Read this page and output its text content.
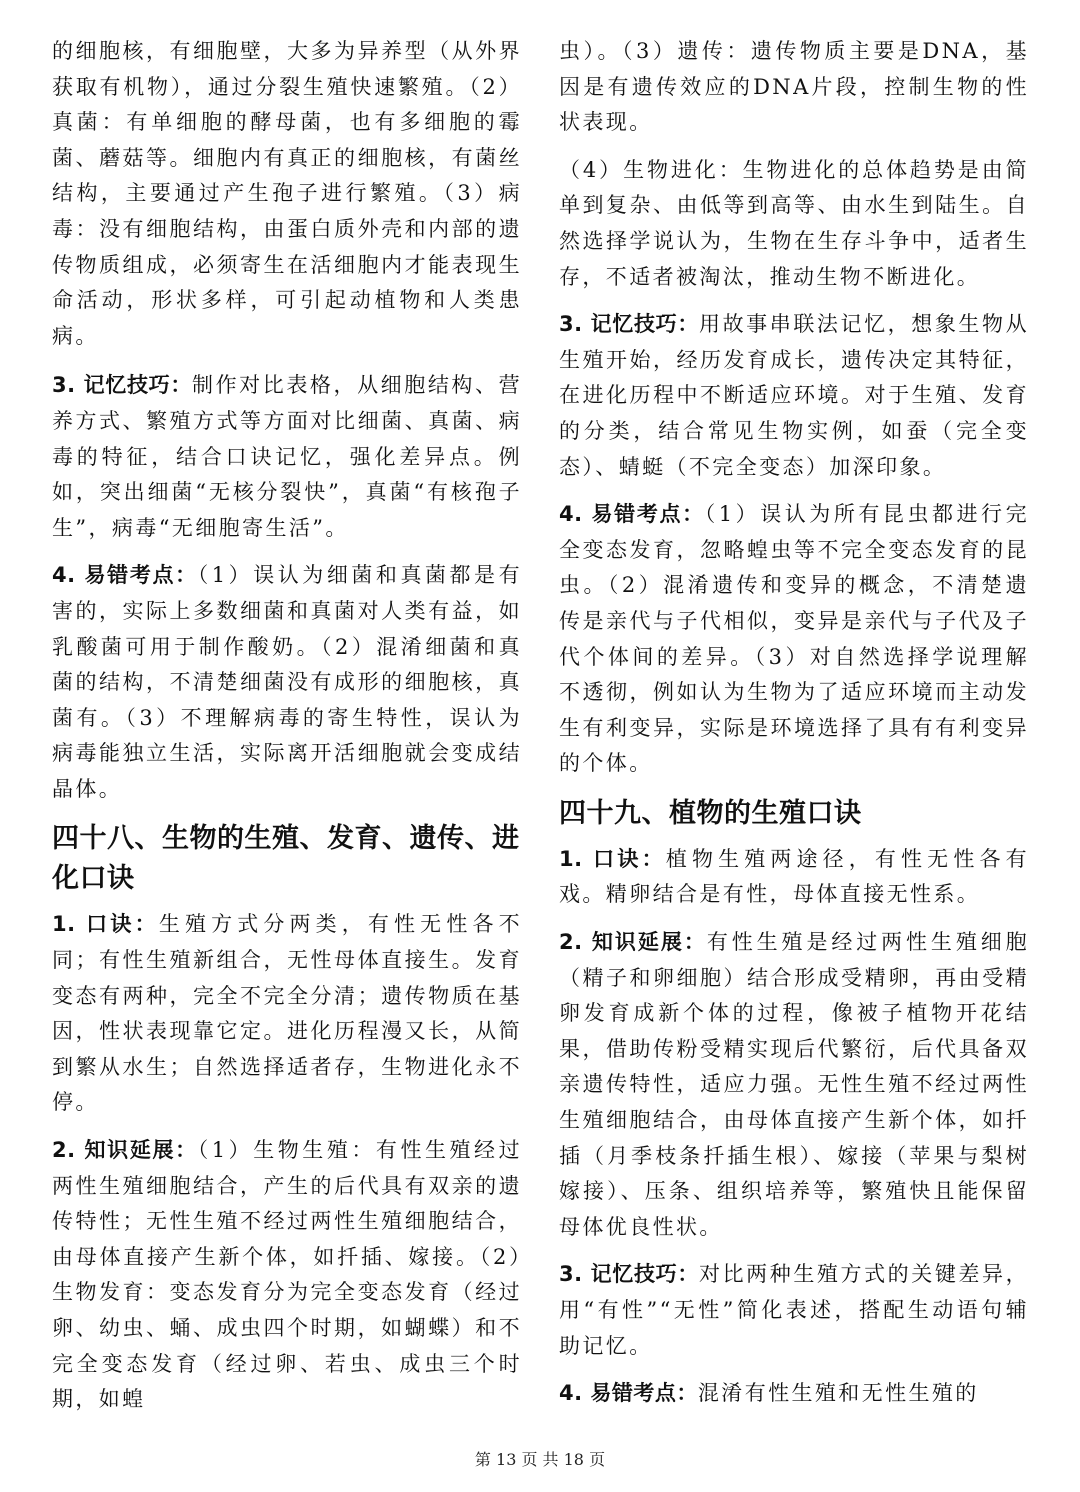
的细胞核，有细胞壁，大多为异养型（从外界获取有机物），通过分裂生殖快速繁殖。（2）真菌：有单细胞的酵母菌，也有多细胞的霉菌、蘑菇等。细胞内有真正的细胞核，有菌丝结构，主要通过产生孢子进行繁殖。（3）病毒：没有细胞结构，由蛋白质外壳和内部的遗传物质组成，必须寄生在活细胞内才能表现生命活动，形状多样，可引起动植物和人类患病。

3. 记忆技巧：制作对比表格，从细胞结构、营养方式、繁殖方式等方面对比细菌、真菌、病毒的特征，结合口诀记忆，强化差异点。例如，突出细菌“无核分裂快”，真菌“有核孢子生”，病毒“无细胞寄生活”。

4. 易错考点：（1）误认为细菌和真菌都是有害的，实际上多数细菌和真菌对人类有益，如乳酸菌可用于制作酸奶。（2）混淆细菌和真菌的结构，不清楚细菌没有成形的细胞核，真菌有。（3）不理解病毒的寄生特性，误认为病毒能独立生活，实际离开活细胞就会变成结晶体。

四十八、生物的生殖、发育、遗传、进化口诀

1. 口诀：生殖方式分两类，有性无性各不同；有性生殖新组合，无性母体直接生。发育变态有两种，完全不完全分清；遗传物质在基因，性状表现靠它定。进化历程漫又长，从简到繁从水生；自然选择适者存，生物进化永不停。

2. 知识延展：（1）生物生殖：有性生殖经过两性生殖细胞结合，产生的后代具有双亲的遗传特性；无性生殖不经过两性生殖细胞结合，由母体直接产生新个体，如扦插、嫁接。（2）生物发育：变态发育分为完全变态发育（经过卵、幼虫、蛹、成虫四个时期，如蝴蝶）和不完全变态发育（经过卵、若虫、成虫三个时期，如蝗

虫）。（3）遗传：遗传物质主要是DNA，基因是有遗传效应的DNA片段，控制生物的性状表现。

（4）生物进化：生物进化的总体趋势是由简单到复杂、由低等到高等、由水生到陆生。自然选择学说认为，生物在生存斗争中，适者生存，不适者被淘汰，推动生物不断进化。

3. 记忆技巧：用故事串联法记忆，想象生物从生殖开始，经历发育成长，遗传决定其特征，在进化历程中不断适应环境。对于生殖、发育的分类，结合常见生物实例，如蚕（完全变态）、蜻蜓（不完全变态）加深印象。

4. 易错考点：（1）误认为所有昆虫都进行完全变态发育，忽略蝗虫等不完全变态发育的昆虫。（2）混淆遗传和变异的概念，不清楚遗传是亲代与子代相似，变异是亲代与子代及子代个体间的差异。（3）对自然选择学说理解不透彻，例如认为生物为了适应环境而主动发生有利变异，实际是环境选择了具有有利变异的个体。

四十九、植物的生殖口诀

1. 口诀：植物生殖两途径，有性无性各有戏。精卵结合是有性，母体直接无性系。

2. 知识延展：有性生殖是经过两性生殖细胞（精子和卵细胞）结合形成受精卵，再由受精卵发育成新个体的过程，像被子植物开花结果，借助传粉受精实现后代繁衍，后代具备双亲遗传特性，适应力强。无性生殖不经过两性生殖细胞结合，由母体直接产生新个体，如扦插（月季枝条扦插生根）、嫁接（苹果与梨树嫁接）、压条、组织培养等，繁殖快且能保留母体优良性状。

3. 记忆技巧：对比两种生殖方式的关键差异，用“有性”“无性”简化表述，搭配生动语句辅助记忆。

4. 易错考点：混淆有性生殖和无性生殖的

第 13 页 共 18 页
